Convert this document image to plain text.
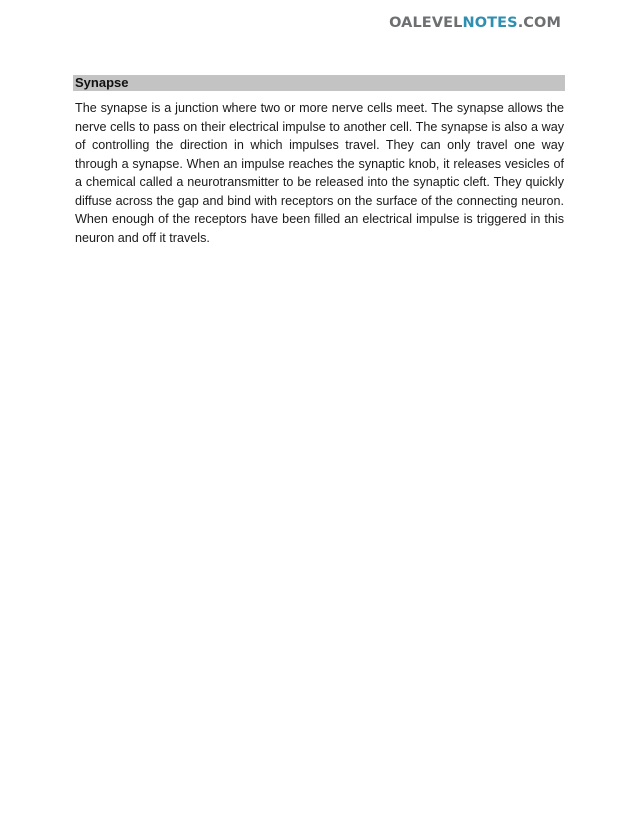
OALEVELNOTES.COM
Synapse

The synapse is a junction where two or more nerve cells meet. The synapse allows the nerve cells to pass on their electrical impulse to another cell. The synapse is also a way of controlling the direction in which impulses travel. They can only travel one way through a synapse. When an impulse reaches the synaptic knob, it releases vesicles of a chemical called a neurotransmitter to be released into the synaptic cleft. They quickly diffuse across the gap and bind with receptors on the surface of the connecting neuron. When enough of the receptors have been filled an electrical impulse is triggered in this neuron and off it travels.
